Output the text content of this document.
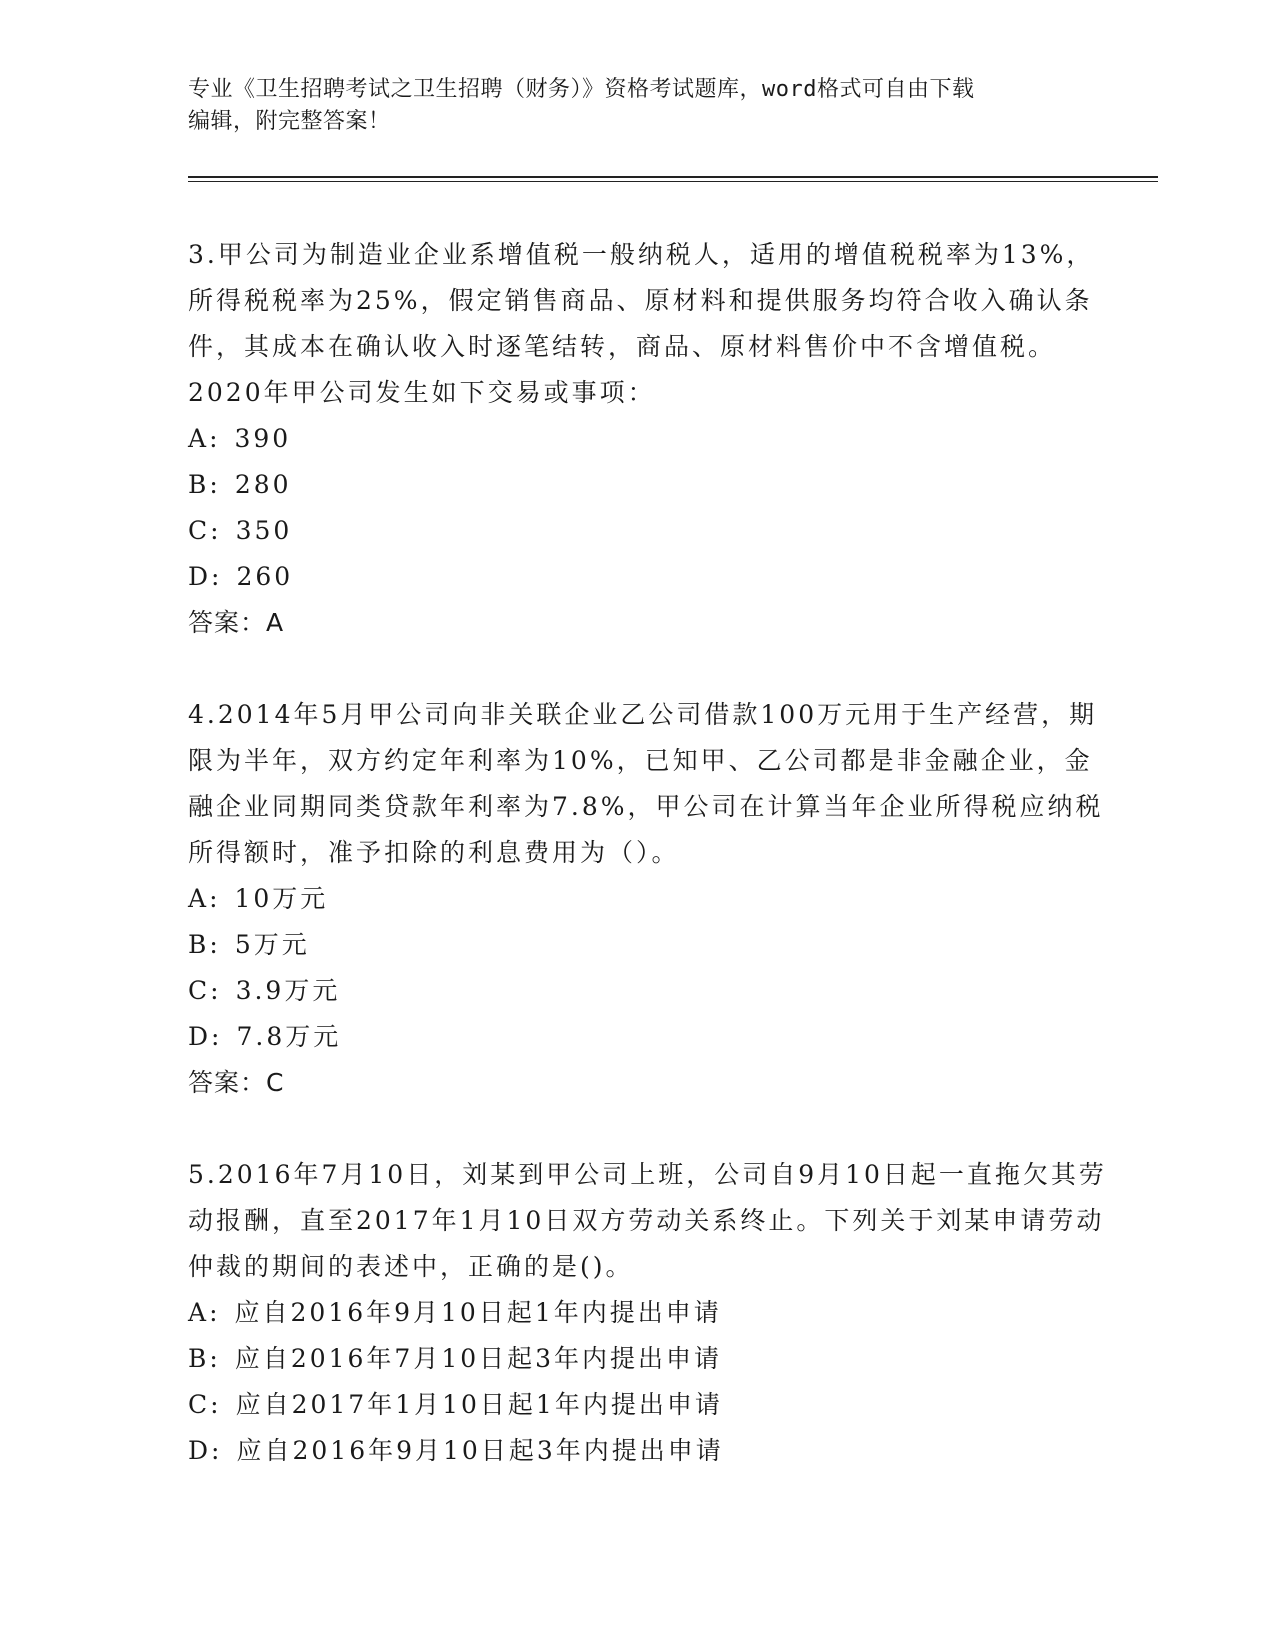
专业《卫生招聘考试之卫生招聘（财务）》资格考试题库，word格式可自由下载
编辑，附完整答案！

3.甲公司为制造业企业系增值税一般纳税人，适用的增值税税率为13%，所得税税率为25%，假定销售商品、原材料和提供服务均符合收入确认条件，其成本在确认收入时逐笔结转，商品、原材料售价中不含增值税。2020年甲公司发生如下交易或事项：

A: 390

B: 280

C: 350

D: 260

答案：A

4.2014年5月甲公司向非关联企业乙公司借款100万元用于生产经营，期限为半年，双方约定年利率为10%，已知甲、乙公司都是非金融企业，金融企业同期同类贷款年利率为7.8%，甲公司在计算当年企业所得税应纳税所得额时，准予扣除的利息费用为（）。

A: 10万元

B: 5万元

C: 3.9万元

D: 7.8万元

答案：C

5.2016年7月10日，刘某到甲公司上班，公司自9月10日起一直拖欠其劳动报酬，直至2017年1月10日双方劳动关系终止。下列关于刘某申请劳动仲裁的期间的表述中，正确的是()。

A: 应自2016年9月10日起1年内提出申请

B: 应自2016年7月10日起3年内提出申请

C: 应自2017年1月10日起1年内提出申请

D: 应自2016年9月10日起3年内提出申请
